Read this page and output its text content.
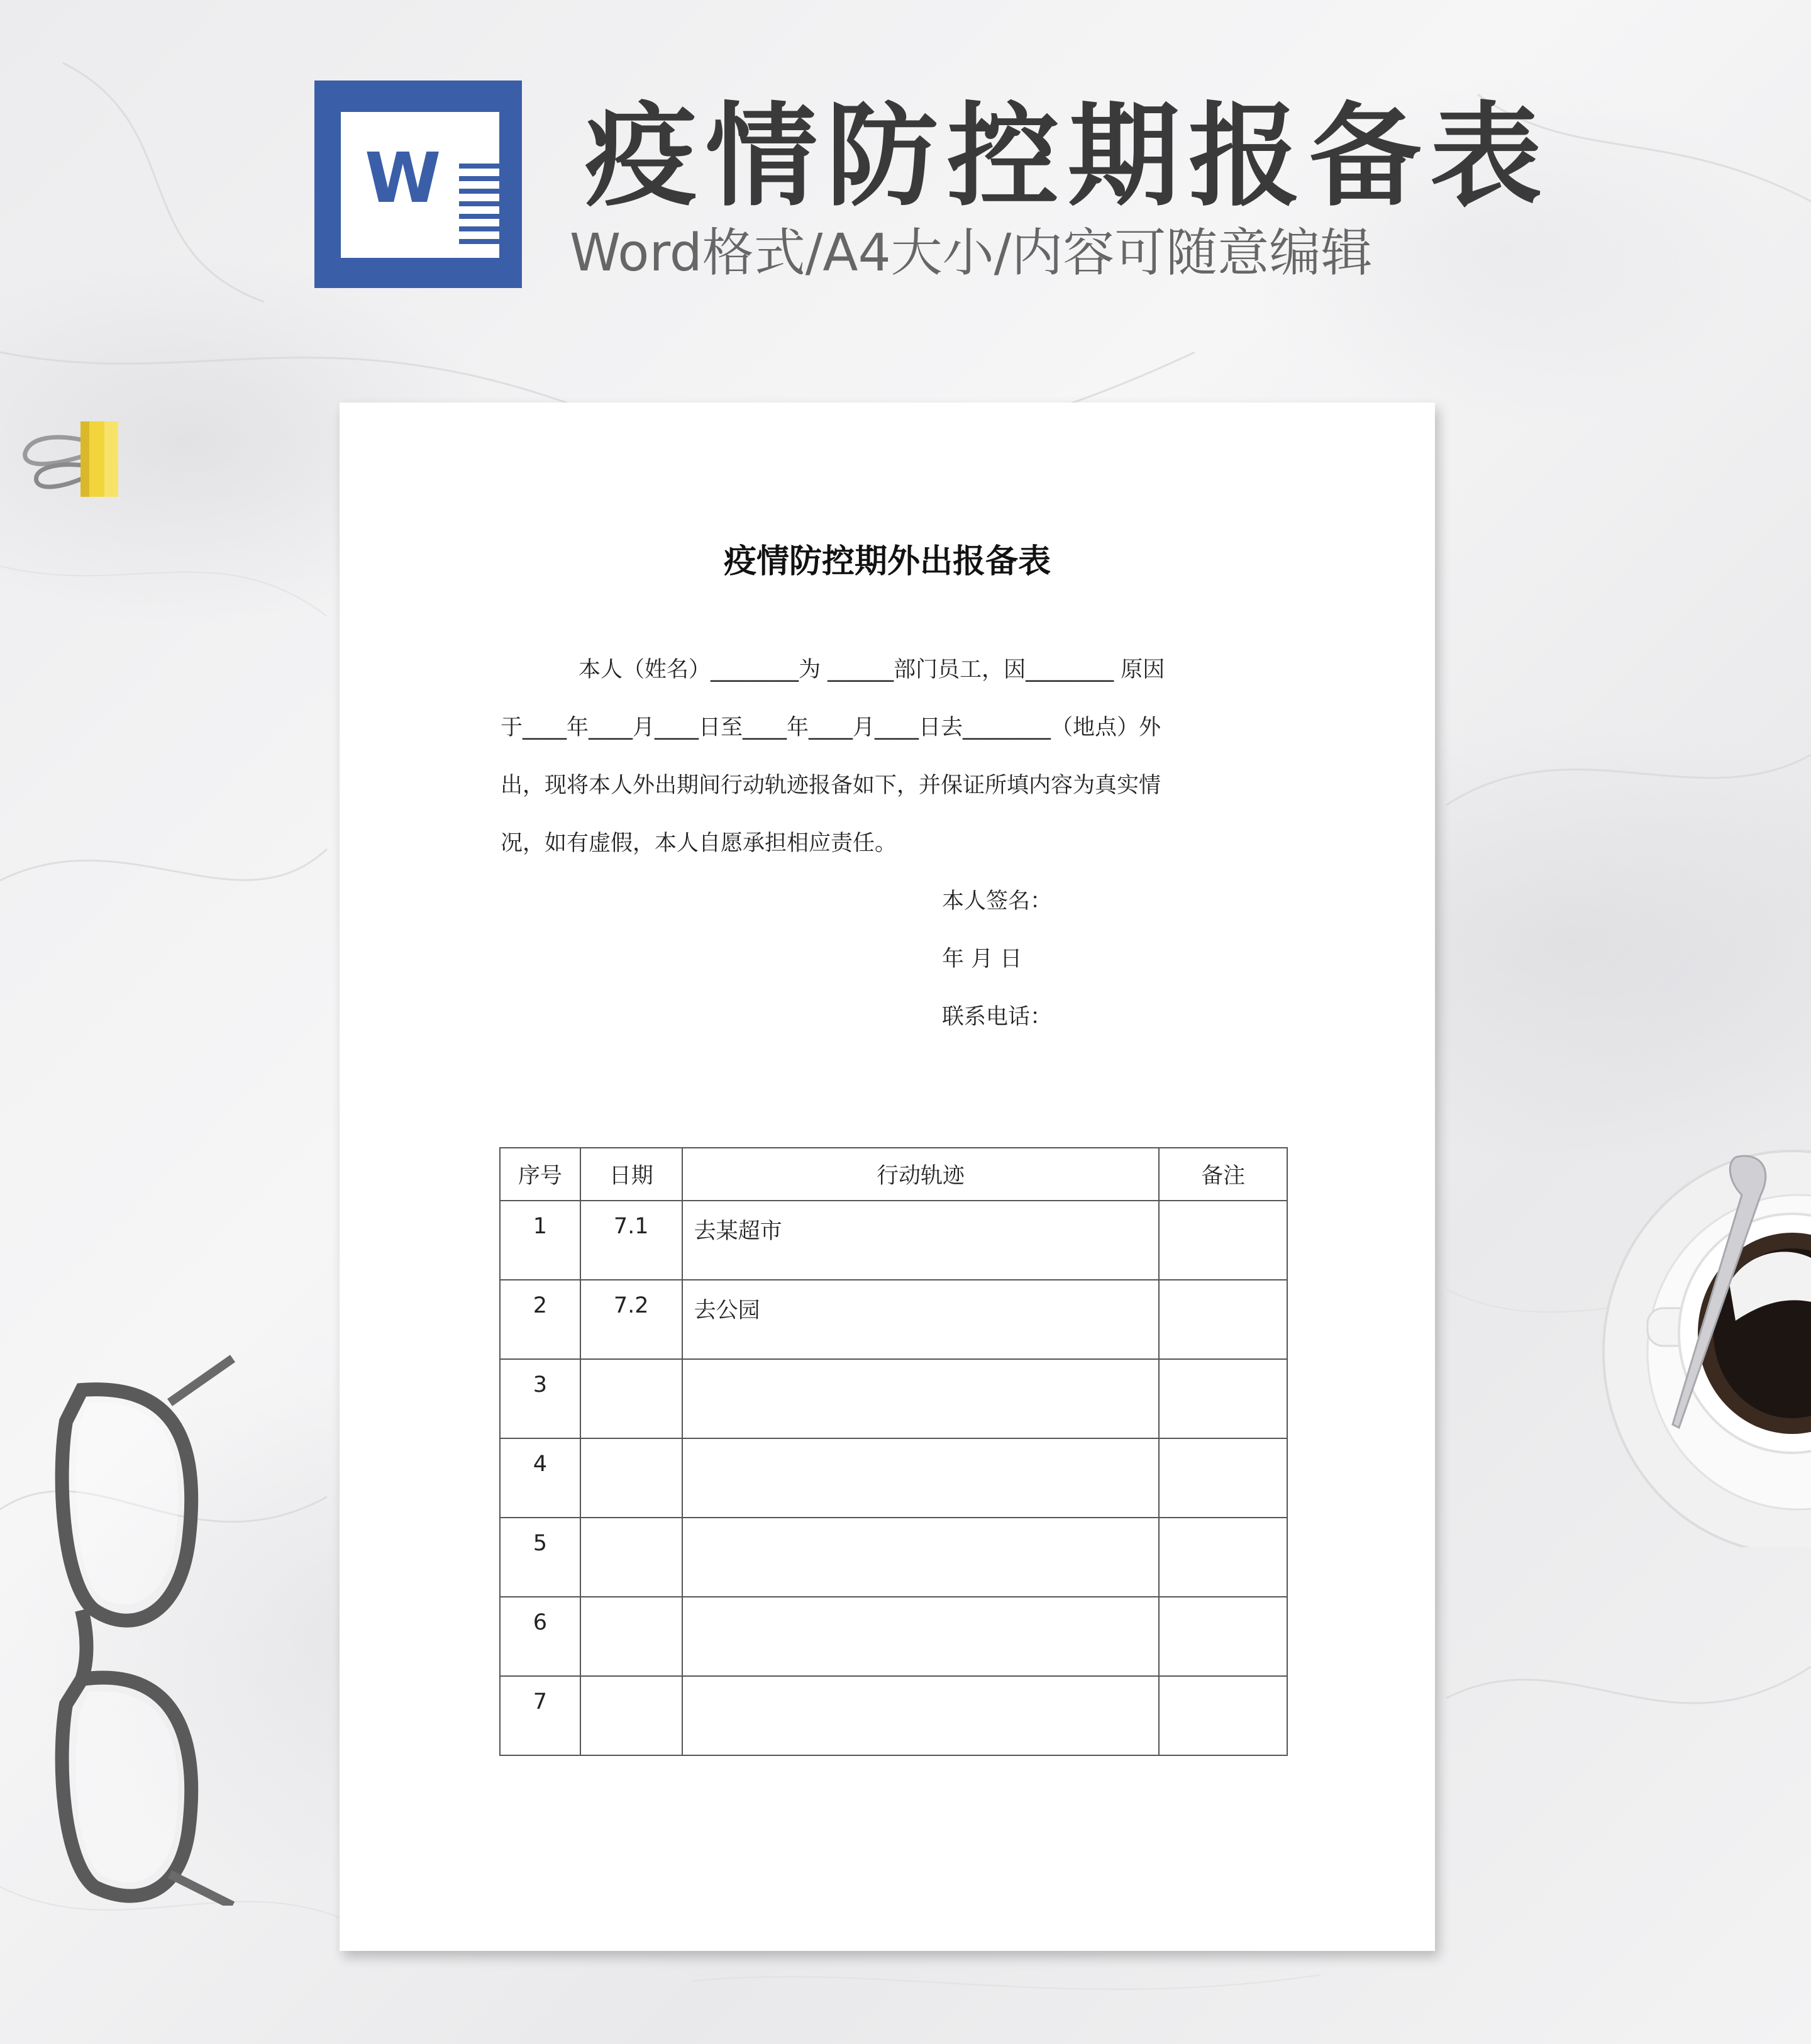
W 疫情防控期报备表
Word格式/A4大小/内容可随意编辑
疫情防控期外出报备表
本人（姓名）________为 ______部门员工，因________ 原因
于____年____月____日至____年____月____日去________（地点）外
出，现将本人外出期间行动轨迹报备如下，并保证所填内容为真实情
况，如有虚假，本人自愿承担相应责任。
本人签名：
年 月 日
联系电话：
序号	日期	行动轨迹	备注
1	7.1	去某超市	
2	7.2	去公园	
3			
4			
5			
6			
7			
